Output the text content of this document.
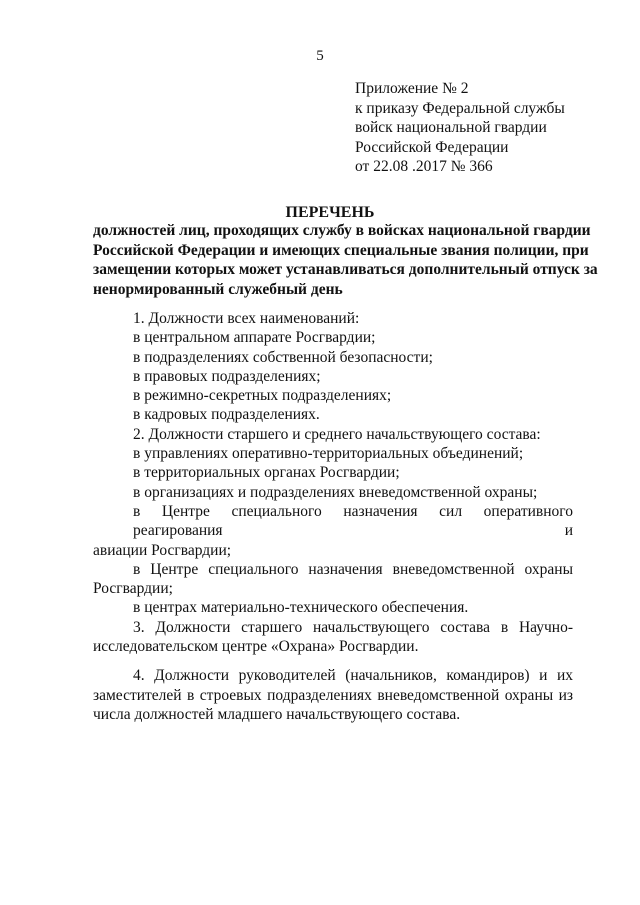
5
Приложение № 2
к приказу Федеральной службы
войск национальной гвардии
Российской Федерации
от 22.08 .2017 № 366
ПЕРЕЧЕНЬ
должностей лиц, проходящих службу в войсках национальной гвардии
Российской Федерации и имеющих специальные звания полиции, при
замещении которых может устанавливаться дополнительный отпуск за
ненормированный служебный день
1. Должности всех наименований:
в центральном аппарате Росгвардии;
в подразделениях собственной безопасности;
в правовых подразделениях;
в режимно-секретных подразделениях;
в кадровых подразделениях.
2. Должности старшего и среднего начальствующего состава:
в управлениях оперативно-территориальных объединений;
в территориальных органах Росгвардии;
в организациях и подразделениях вневедомственной охраны;
в Центре специального назначения сил оперативного реагирования и
авиации Росгвардии;
в Центре специального назначения вневедомственной охраны
Росгвардии;
в центрах материально-технического обеспечения.
3. Должности старшего начальствующего состава в Научно-
исследовательском центре «Охрана» Росгвардии.
4. Должности руководителей (начальников, командиров) и их
заместителей в строевых подразделениях вневедомственной охраны из
числа должностей младшего начальствующего состава.
